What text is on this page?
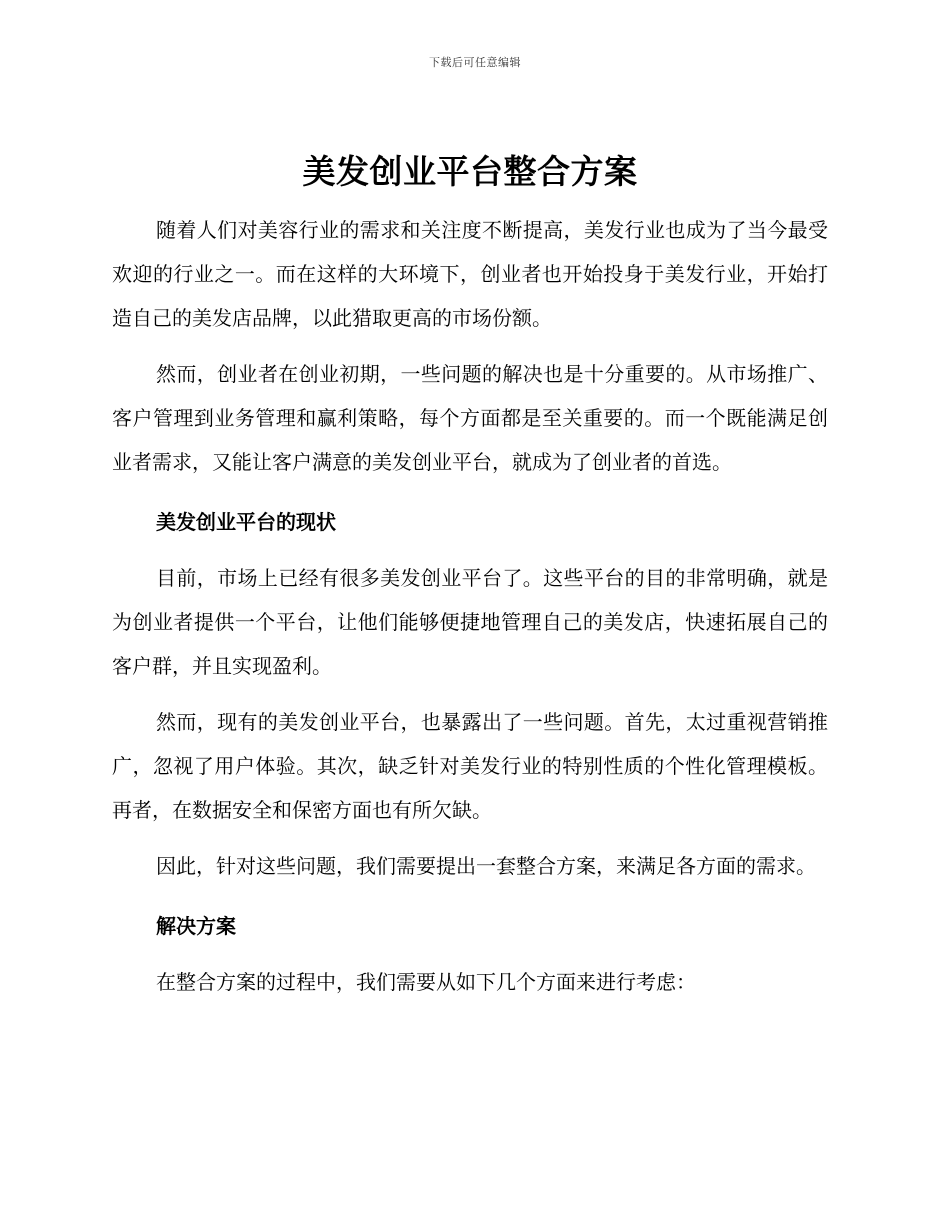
下载后可任意编辑
美发创业平台整合方案

随着人们对美容行业的需求和关注度不断提高，美发行业也成为了当今最受欢迎的行业之一。而在这样的大环境下，创业者也开始投身于美发行业，开始打造自己的美发店品牌，以此猎取更高的市场份额。

然而，创业者在创业初期，一些问题的解决也是十分重要的。从市场推广、客户管理到业务管理和赢利策略，每个方面都是至关重要的。而一个既能满足创业者需求，又能让客户满意的美发创业平台，就成为了创业者的首选。

美发创业平台的现状

目前，市场上已经有很多美发创业平台了。这些平台的目的非常明确，就是为创业者提供一个平台，让他们能够便捷地管理自己的美发店，快速拓展自己的客户群，并且实现盈利。

然而，现有的美发创业平台，也暴露出了一些问题。首先，太过重视营销推广，忽视了用户体验。其次，缺乏针对美发行业的特别性质的个性化管理模板。再者，在数据安全和保密方面也有所欠缺。

因此，针对这些问题，我们需要提出一套整合方案，来满足各方面的需求。

解决方案

在整合方案的过程中，我们需要从如下几个方面来进行考虑：
